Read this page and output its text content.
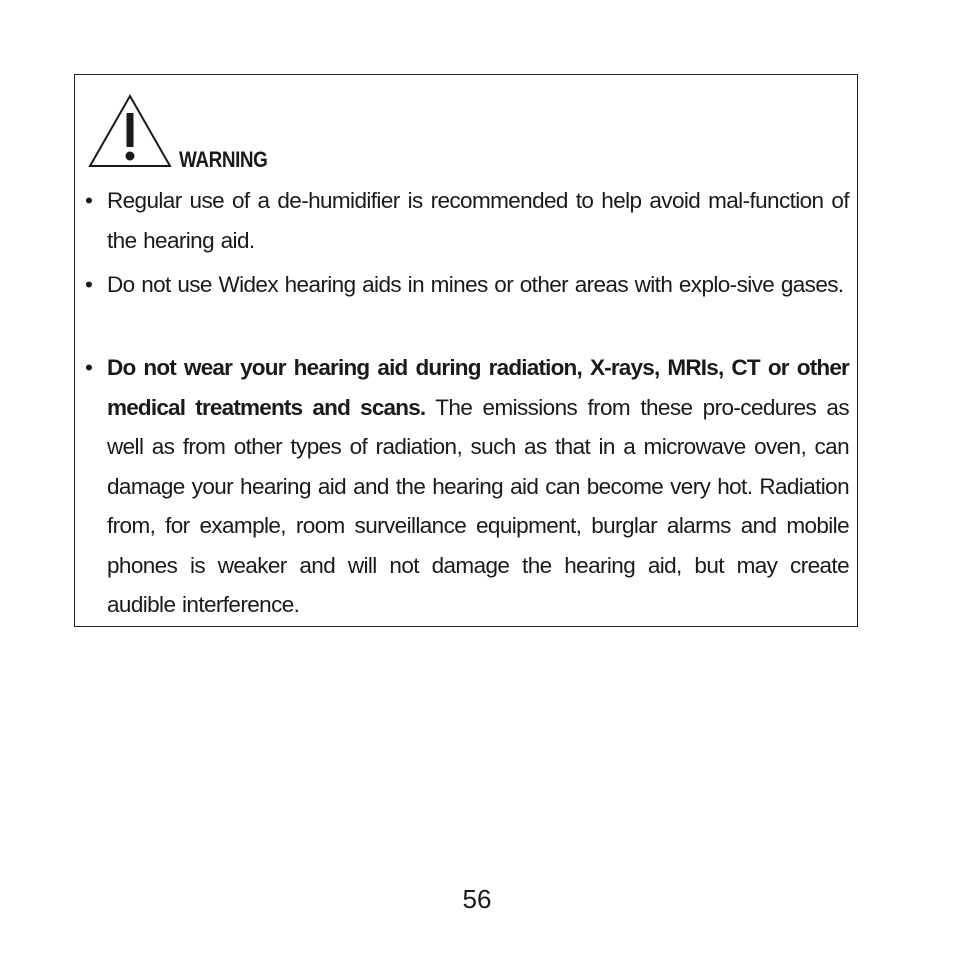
WARNING
• Regular use of a de-humidifier is recommended to help avoid mal-function of the hearing aid.
• Do not use Widex hearing aids in mines or other areas with explo-sive gases.
• Do not wear your hearing aid during radiation, X-rays, MRIs, CT or other medical treatments and scans. The emissions from these pro-cedures as well as from other types of radiation, such as that in a microwave oven, can damage your hearing aid and the hearing aid can become very hot. Radiation from, for example, room surveillance equipment, burglar alarms and mobile phones is weaker and will not damage the hearing aid, but may create audible interference.
56
